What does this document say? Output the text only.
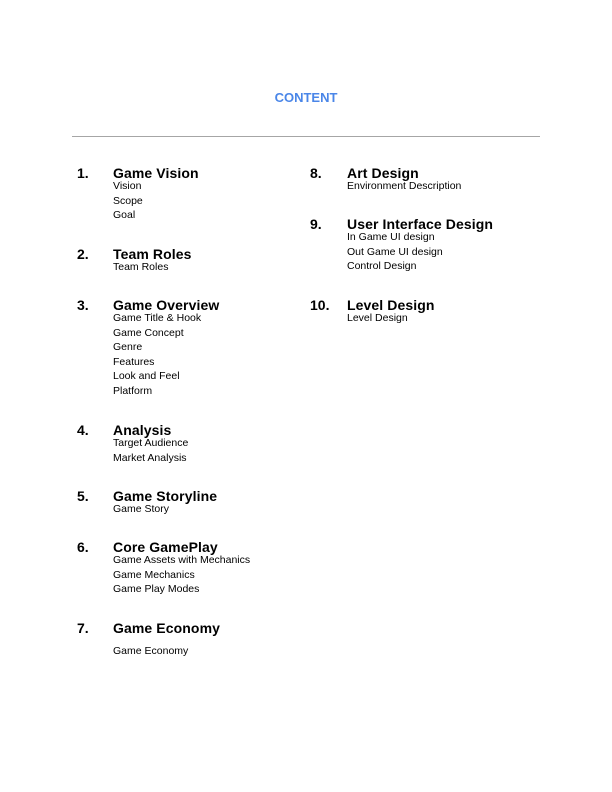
CONTENT
1. Game Vision
Vision
Scope
Goal
2. Team Roles
Team Roles
3. Game Overview
Game Title & Hook
Game Concept
Genre
Features
Look and Feel
Platform
4. Analysis
Target Audience
Market Analysis
5. Game Storyline
Game Story
6. Core GamePlay
Game Assets with Mechanics
Game Mechanics
Game Play Modes
7. Game Economy
Game Economy
8. Art Design
Environment Description
9. User Interface Design
In Game UI design
Out Game UI design
Control Design
10. Level Design
Level Design
